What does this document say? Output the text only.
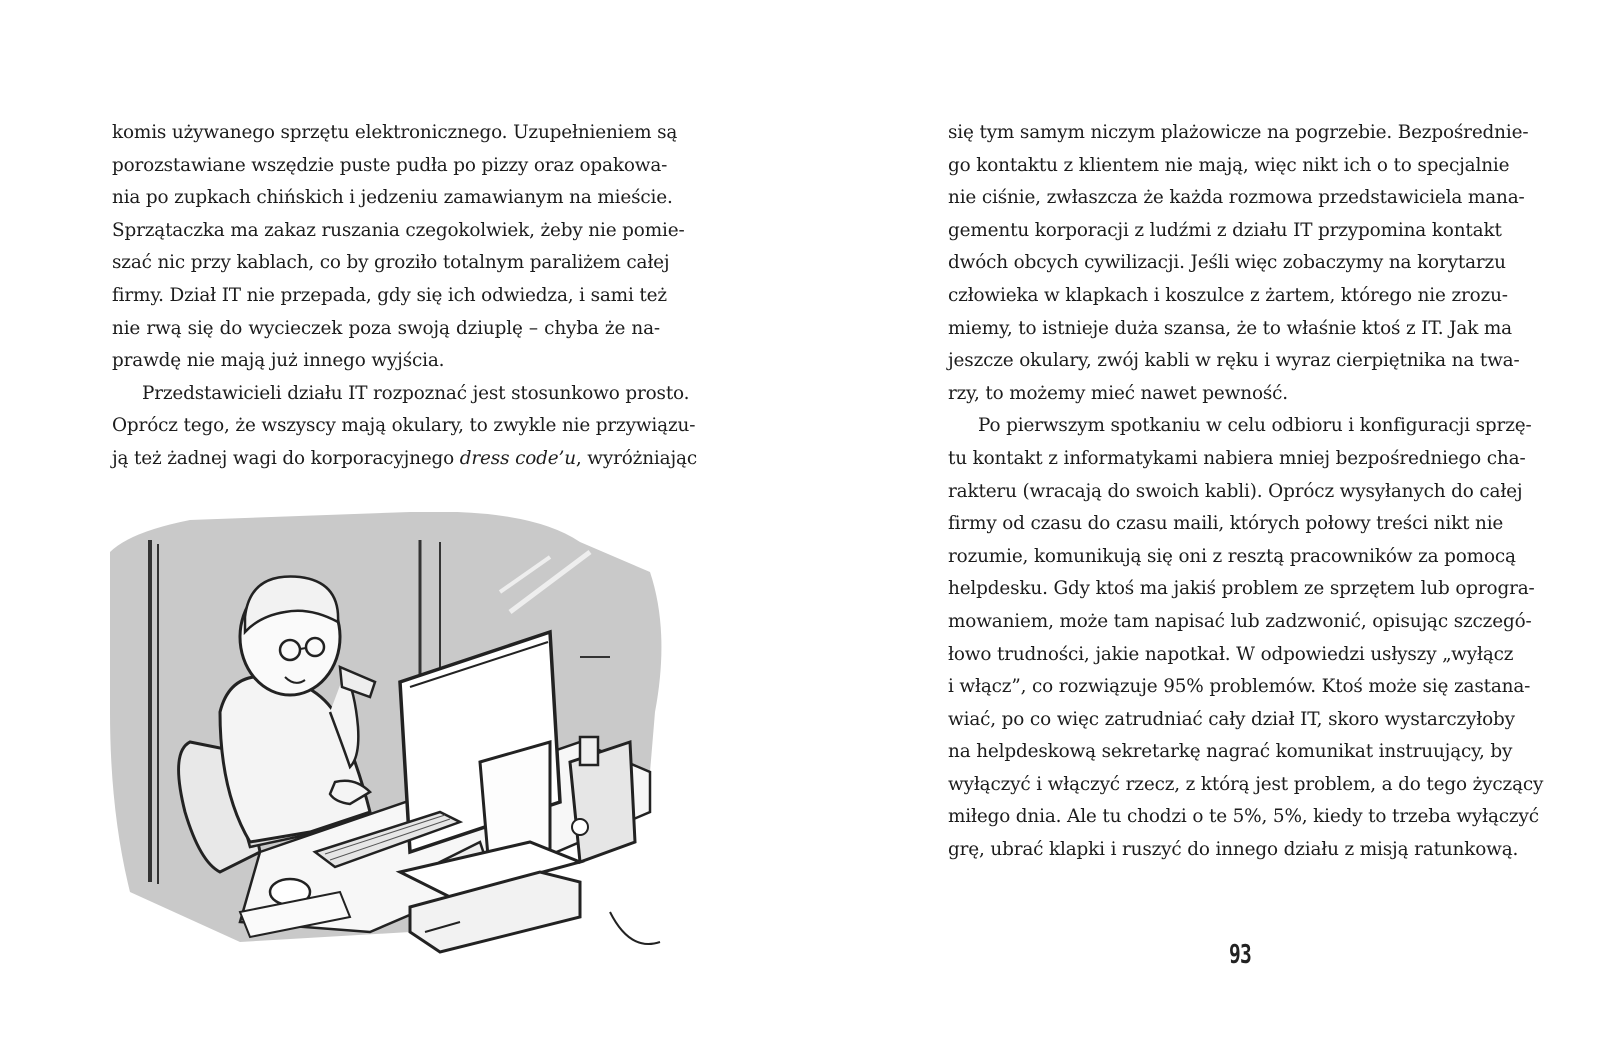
komis używanego sprzętu elektronicznego. Uzupełnieniem są
porozstawiane wszędzie puste pudła po pizzy oraz opakowa-
nia po zupkach chińskich i jedzeniu zamawianym na mieście.
Sprzątaczka ma zakaz ruszania czegokolwiek, żeby nie pomie-
szać nic przy kablach, co by groziło totalnym paraliżem całej
firmy. Dział IT nie przepada, gdy się ich odwiedza, i sami też
nie rwą się do wycieczek poza swoją dziuplę – chyba że na-
prawdę nie mają już innego wyjścia.
Przedstawicieli działu IT rozpoznać jest stosunkowo prosto.
Oprócz tego, że wszyscy mają okulary, to zwykle nie przywiązu-
ją też żadnej wagi do korporacyjnego dress code’u, wyróżniając
się tym samym niczym plażowicze na pogrzebie. Bezpośrednie-
go kontaktu z klientem nie mają, więc nikt ich o to specjalnie
nie ciśnie, zwłaszcza że każda rozmowa przedstawiciela mana-
gementu korporacji z ludźmi z działu IT przypomina kontakt
dwóch obcych cywilizacji. Jeśli więc zobaczymy na korytarzu
człowieka w klapkach i koszulce z żartem, którego nie zrozu-
miemy, to istnieje duża szansa, że to właśnie ktoś z IT. Jak ma
jeszcze okulary, zwój kabli w ręku i wyraz cierpiętnika na twa-
rzy, to możemy mieć nawet pewność.
Po pierwszym spotkaniu w celu odbioru i konfiguracji sprzę-
tu kontakt z informatykami nabiera mniej bezpośredniego cha-
rakteru (wracają do swoich kabli). Oprócz wysyłanych do całej
firmy od czasu do czasu maili, których połowy treści nikt nie
rozumie, komunikują się oni z resztą pracowników za pomocą
helpdesku. Gdy ktoś ma jakiś problem ze sprzętem lub oprogra-
mowaniem, może tam napisać lub zadzwonić, opisując szczegó-
łowo trudności, jakie napotkał. W odpowiedzi usłyszy „wyłącz
i włącz”, co rozwiązuje 95% problemów. Ktoś może się zastana-
wiać, po co więc zatrudniać cały dział IT, skoro wystarczyłoby
na helpdeskową sekretarkę nagrać komunikat instruujący, by
wyłączyć i włączyć rzecz, z którą jest problem, a do tego życzący
miłego dnia. Ale tu chodzi o te 5%, 5%, kiedy to trzeba wyłączyć
grę, ubrać klapki i ruszyć do innego działu z misją ratunkową.
93
